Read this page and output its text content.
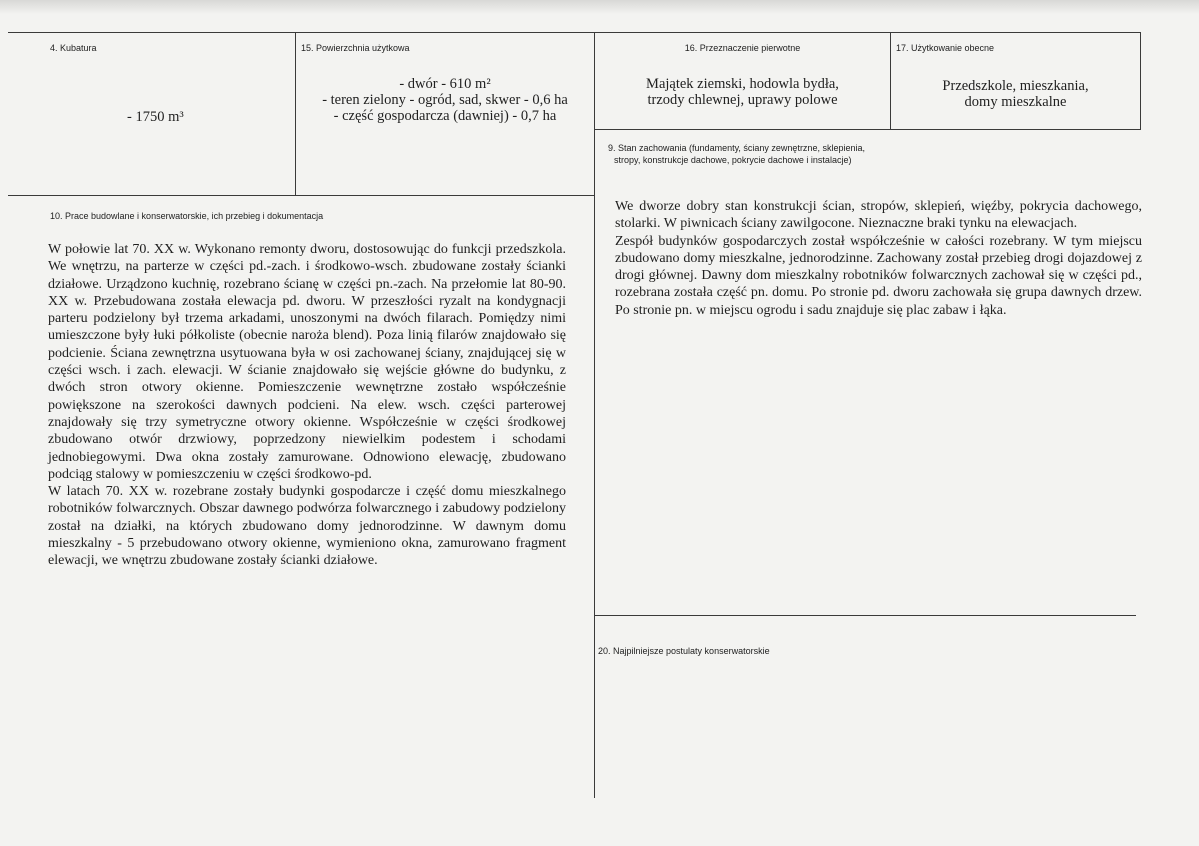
4. Kubatura
- 1750 m³
15. Powierzchnia użytkowa
- dwór - 610 m²
- teren zielony - ogród, sad, skwer - 0,6 ha
- część gospodarcza (dawniej) - 0,7 ha
16. Przeznaczenie pierwotne
Majątek ziemski, hodowla bydła,
trzody chlewnej, uprawy polowe
17. Użytkowanie obecne
Przedszkole, mieszkania,
domy mieszkalne
9. Stan zachowania (fundamenty, ściany zewnętrzne, sklepienia,
stropy, konstrukcje dachowe, pokrycie dachowe i instalacje)

We dworze dobry stan konstrukcji ścian, stropów, sklepień, więźby, pokrycia dachowego, stolarki. W piwnicach ściany zawilgocone. Nieznaczne braki tynku na elewacjach.

Zespół budynków gospodarczych został współcześnie w całości rozebrany. W tym miejscu zbudowano domy mieszkalne, jednorodzinne. Zachowany został przebieg drogi dojazdowej z drogi głównej. Dawny dom mieszkalny robotników folwarcznych zachował się w części pd., rozebrana została część pn. domu. Po stronie pd. dworu zachowała się grupa dawnych drzew. Po stronie pn. w miejscu ogrodu i sadu znajduje się plac zabaw i łąka.

10. Prace budowlane i konserwatorskie, ich przebieg i dokumentacja

W połowie lat 70. XX w. Wykonano remonty dworu, dostosowując do funkcji przedszkola. We wnętrzu, na parterze w części pd.-zach. i środkowo-wsch. zbudowane zostały ścianki działowe. Urządzono kuchnię, rozebrano ścianę w części pn.-zach. Na przełomie lat 80-90. XX w. Przebudowana została elewacja pd. dworu. W przeszłości ryzalt na kondygnacji parteru podzielony był trzema arkadami, unoszonymi na dwóch filarach. Pomiędzy nimi umieszczone były łuki półkoliste (obecnie naroża blend). Poza linią filarów znajdowało się podcienie. Ściana zewnętrzna usytuowana była w osi zachowanej ściany, znajdującej się w części wsch. i zach. elewacji. W ścianie znajdowało się wejście główne do budynku, z dwóch stron otwory okienne. Pomieszczenie wewnętrzne zostało współcześnie powiększone na szerokości dawnych podcieni. Na elew. wsch. części parterowej znajdowały się trzy symetryczne otwory okienne. Współcześnie w części środkowej zbudowano otwór drzwiowy, poprzedzony niewielkim podestem i schodami jednobiegowymi. Dwa okna zostały zamurowane. Odnowiono elewację, zbudowano podciąg stalowy w pomieszczeniu w części środkowo-pd.

W latach 70. XX w. rozebrane zostały budynki gospodarcze i część domu mieszkalnego robotników folwarcznych. Obszar dawnego podwórza folwarcznego i zabudowy podzielony został na działki, na których zbudowano domy jednorodzinne. W dawnym domu mieszkalny - 5 przebudowano otwory okienne, wymieniono okna, zamurowano fragment elewacji, we wnętrzu zbudowane zostały ścianki działowe.

20. Najpilniejsze postulaty konserwatorskie
